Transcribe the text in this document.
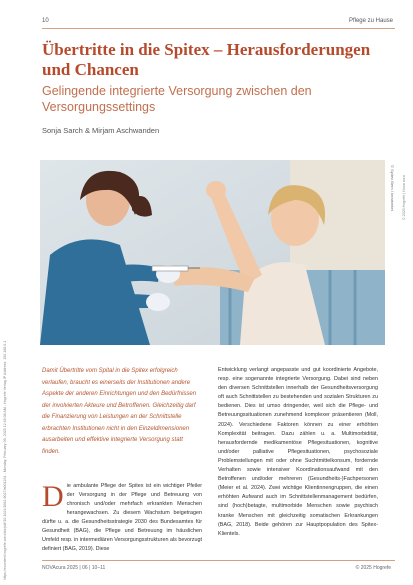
10	Pflege zu Hause
https://econtent.hogrefe.com/doi/pdf/10.1024/1662-9027/a001234 - Monday, February 09, 2025 12:48:08 AM - Hogrefe Verlag IP Address: 192.168.0.1
© 2025 Hogrefe | Nova cura
Übertritte in die Spitex – Herausforderungen und Chancen
Gelingende integrierte Versorgung zwischen den Versorgungssettings
Sonja Sarch & Mirjam Aschwanden
© Spitex Bern / bearbeitet
Damit Übertritte vom Spital in die Spitex erfolgreich verlaufen, braucht es einerseits der Institutionen andere Aspekte der anderen Einrichtungen und den Bedürfnissen der involvierten Akteure und Betroffenen. Gleichzeitig darf die Finanzierung von Leistungen an der Schnittstelle erbrachten Institutionen nicht in den Einzeldimensionen ausarbeiten und effektive integrierte Versorgung statt finden.
D ie ambulante Pflege der Spitex ist ein wichtiger Pfeiler der Versorgung in der Pflege und Betreuung von chronisch und/oder mehrfach erkrankten Menschen herangewachsen. Zu diesem Wachstum beigetragen dürfte u. a. die Gesundheitsstrategie 2030 des Bundesamtes für Gesundheit (BAG), die Pflege und Betreuung im häuslichen Umfeld resp. in intermediären Versorgungsstrukturen als bevorzugt definiert (BAG, 2019). Diese
Entwicklung verlangt angepasste und gut koordinierte Angebote, resp. eine sogenannte integrierte Versorgung. Dabei sind neben den diversen Schnittstellen innerhalb der Gesundheitsversorgung oft auch Schnittstellen zu bestehenden und sozialen Strukturen zu bedienen. Dies ist umso dringender, weil sich die Pflege- und Betreuungssituationen zunehmend komplexer präsentieren (Moll, 2024). Verschiedene Faktoren können zu einer erhöhten Komplexität beitragen. Dazu zählen u. a. Multimorbidität, herausfordernde medikamentöse Pflegesituationen, kognitive und/oder palliative Pflegesituationen, psychosoziale Problemstellungen mit oder ohne Suchtmittelkonsum, fordernde Verhalten sowie intensiver Koordinationsaufwand mit den Betroffenen und/oder mehreren (Gesundheits-)Fachpersonen (Meier et al. 2024). Zwei wichtige Klientinnengruppen, die einen erhöhten Aufwand auch im Schnittstellenmanagement bedürfen, sind (hoch)betagte, multimorbide Menschen sowie psychisch kranke Menschen mit gleichzeitig somatischen Erkrankungen (BAG, 2018). Beide gehören zur Hauptpopulation des Spitex-Klientels.
NOVAcura 2025 | 06 | 10–11	© 2025 Hogrefe
